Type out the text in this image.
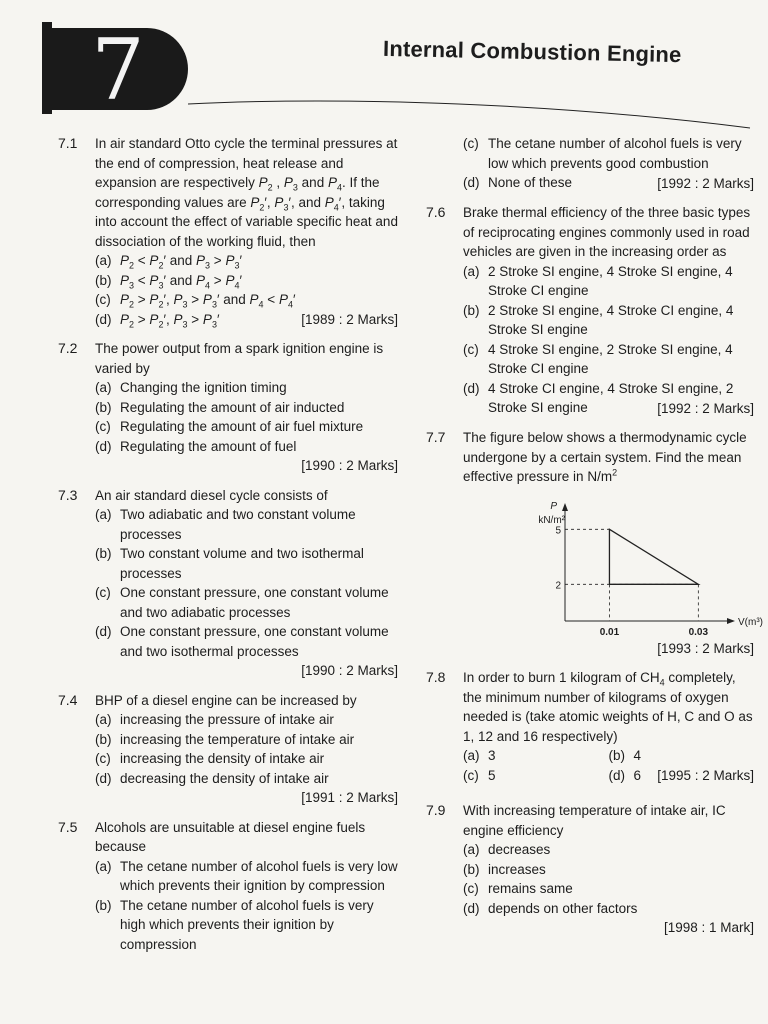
7	Internal Combustion Engine
7.1 In air standard Otto cycle the terminal pressures at the end of compression, heat release and expansion are respectively $P_2$ , $P_3$ and $P_4$. If the corresponding values are $P_2'$, $P_3'$, and $P_4'$, taking into account the effect of variable specific heat and dissociation of the working fluid, then

(a) $P_2 < P_2'$ and $P_3 > P_3'$
(b) $P_3 < P_3'$ and $P_4 > P_4'$
(c) $P_2 > P_2'$, $P_3 > P_3'$ and $P_4 < P_4'$
(d) $P_2 > P_2'$, $P_3 > P_3'$	[1989 : 2 Marks]
7.2 The power output from a spark ignition engine is varied by

(a) Changing the ignition timing
(b) Regulating the amount of air inducted
(c) Regulating the amount of air fuel mixture
(d) Regulating the amount of fuel
[1990 : 2 Marks]
7.3 An air standard diesel cycle consists of

(a) Two adiabatic and two constant volume processes
(b) Two constant volume and two isothermal processes
(c) One constant pressure, one constant volume and two adiabatic processes
(d) One constant pressure, one constant volume and two isothermal processes
[1990 : 2 Marks]
7.4 BHP of a diesel engine can be increased by

(a) increasing the pressure of intake air
(b) increasing the temperature of intake air
(c) increasing the density of intake air
(d) decreasing the density of intake air
[1991 : 2 Marks]
7.5 Alcohols are unsuitable at diesel engine fuels because

(a) The cetane number of alcohol fuels is very low which prevents their ignition by compression
(b) The cetane number of alcohol fuels is very high which prevents their ignition by compression
(c) The cetane number of alcohol fuels is very low which prevents good combustion
(d) None of these	[1992 : 2 Marks]
7.6 Brake thermal efficiency of the three basic types of reciprocating engines commonly used in road vehicles are given in the increasing order as

(a) 2 Stroke SI engine, 4 Stroke SI engine, 4 Stroke CI engine
(b) 2 Stroke SI engine, 4 Stroke CI engine, 4 Stroke SI engine
(c) 4 Stroke SI engine, 2 Stroke SI engine, 4 Stroke CI engine
(d) 4 Stroke CI engine, 4 Stroke SI engine, 2 Stroke SI engine	[1992 : 2 Marks]
7.7 The figure below shows a thermodynamic cycle undergone by a certain system. Find the mean effective pressure in $N/m^2$

P
kN/m²
V(m³)
2
5
0.01	0.03
[1993 : 2 Marks]
7.8 In order to burn 1 kilogram of $CH_4$ completely, the minimum number of kilograms of oxygen needed is (take atomic weights of H, C and O as 1, 12 and 16 respectively)

(a) 3	(b) 4
(c) 5	(d) 6 [1995 : 2 Marks]
7.9 With increasing temperature of intake air, IC engine efficiency

(a) decreases
(b) increases
(c) remains same
(d) depends on other factors
[1998 : 1 Mark]
